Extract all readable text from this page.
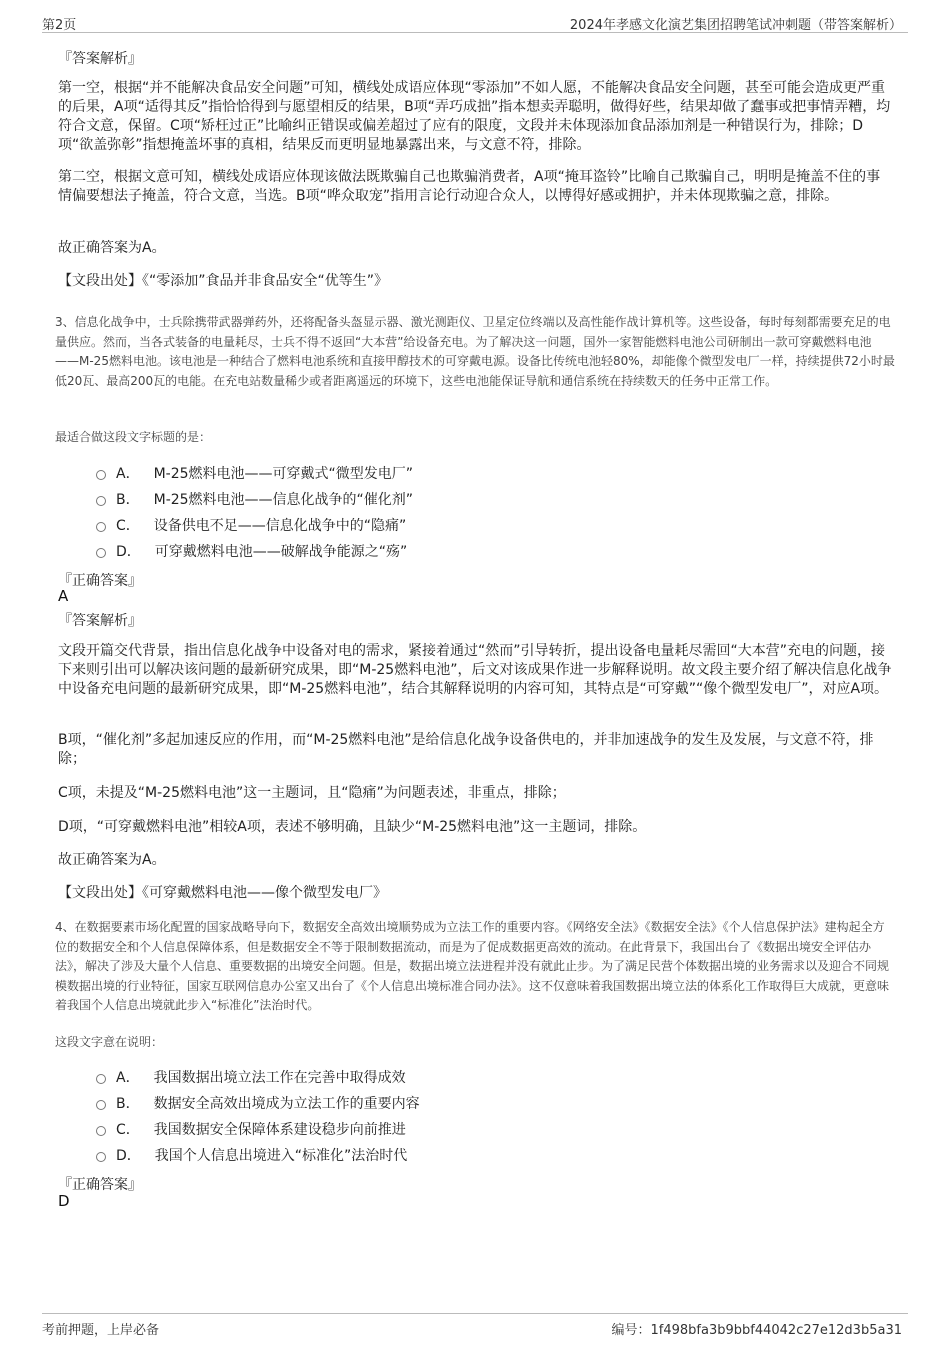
第2页	2024年孝感文化演艺集团招聘笔试冲刺题（带答案解析）
『答案解析』
第一空，根据“并不能解决食品安全问题”可知，横线处成语应体现“零添加”不如人愿，不能解决食品安全问题，甚至可能会造成更严重的后果，A项“适得其反”指恰恰得到与愿望相反的结果，B项“弄巧成拙”指本想卖弄聪明，做得好些，结果却做了蠢事或把事情弄糟，均符合文意，保留。C项“矫枉过正”比喻纠正错误或偏差超过了应有的限度，文段并未体现添加食品添加剂是一种错误行为，排除；D项“欲盖弥彰”指想掩盖坏事的真相，结果反而更明显地暴露出来，与文意不符，排除。
第二空，根据文意可知，横线处成语应体现该做法既欺骗自己也欺骗消费者，A项“掩耳盗铃”比喻自己欺骗自己，明明是掩盖不住的事情偏要想法子掩盖，符合文意，当选。B项“哗众取宠”指用言论行动迎合众人，以博得好感或拥护，并未体现欺骗之意，排除。
故正确答案为A。
【文段出处】《“零添加”食品并非食品安全“优等生”》
3、信息化战争中，士兵除携带武器弹药外，还将配备头盔显示器、激光测距仪、卫星定位终端以及高性能作战计算机等。这些设备，每时每刻都需要充足的电量供应。然而，当各式装备的电量耗尽，士兵不得不返回“大本营”给设备充电。为了解决这一问题，国外一家智能燃料电池公司研制出一款可穿戴燃料电池——M-25燃料电池。该电池是一种结合了燃料电池系统和直接甲醇技术的可穿戴电源。设备比传统电池轻80%，却能像个微型发电厂一样，持续提供72小时最低20瓦、最高200瓦的电能。在充电站数量稀少或者距离遥远的环境下，这些电池能保证导航和通信系统在持续数天的任务中正常工作。
最适合做这段文字标题的是：
A． M-25燃料电池——可穿戴式“微型发电厂”
B． M-25燃料电池——信息化战争的“催化剂”
C． 设备供电不足——信息化战争中的“隐痛”
D． 可穿戴燃料电池——破解战争能源之“殇”
『正确答案』
A
『答案解析』
文段开篇交代背景，指出信息化战争中设备对电的需求，紧接着通过“然而”引导转折，提出设备电量耗尽需回“大本营”充电的问题，接下来则引出可以解决该问题的最新研究成果，即“M-25燃料电池”，后文对该成果作进一步解释说明。故文段主要介绍了解决信息化战争中设备充电问题的最新研究成果，即“M-25燃料电池”，结合其解释说明的内容可知，其特点是“可穿戴”“像个微型发电厂”，对应A项。
B项，“催化剂”多起加速反应的作用，而“M-25燃料电池”是给信息化战争设备供电的，并非加速战争的发生及发展，与文意不符，排除；
C项，未提及“M-25燃料电池”这一主题词，且“隐痛”为问题表述，非重点，排除；
D项，“可穿戴燃料电池”相较A项，表述不够明确，且缺少“M-25燃料电池”这一主题词，排除。
故正确答案为A。
【文段出处】《可穿戴燃料电池——像个微型发电厂》
4、在数据要素市场化配置的国家战略导向下，数据安全高效出境顺势成为立法工作的重要内容。《网络安全法》《数据安全法》《个人信息保护法》建构起全方位的数据安全和个人信息保障体系，但是数据安全不等于限制数据流动，而是为了促成数据更高效的流动。在此背景下，我国出台了《数据出境安全评估办法》，解决了涉及大量个人信息、重要数据的出境安全问题。但是，数据出境立法进程并没有就此止步。为了满足民营个体数据出境的业务需求以及迎合不同规模数据出境的行业特征，国家互联网信息办公室又出台了《个人信息出境标准合同办法》。这不仅意味着我国数据出境立法的体系化工作取得巨大成就，更意味着我国个人信息出境就此步入“标准化”法治时代。
这段文字意在说明：
A． 我国数据出境立法工作在完善中取得成效
B． 数据安全高效出境成为立法工作的重要内容
C． 我国数据安全保障体系建设稳步向前推进
D． 我国个人信息出境进入“标准化”法治时代
『正确答案』
D
考前押题，上岸必备	编号：1f498bfa3b9bbf44042c27e12d3b5a31
